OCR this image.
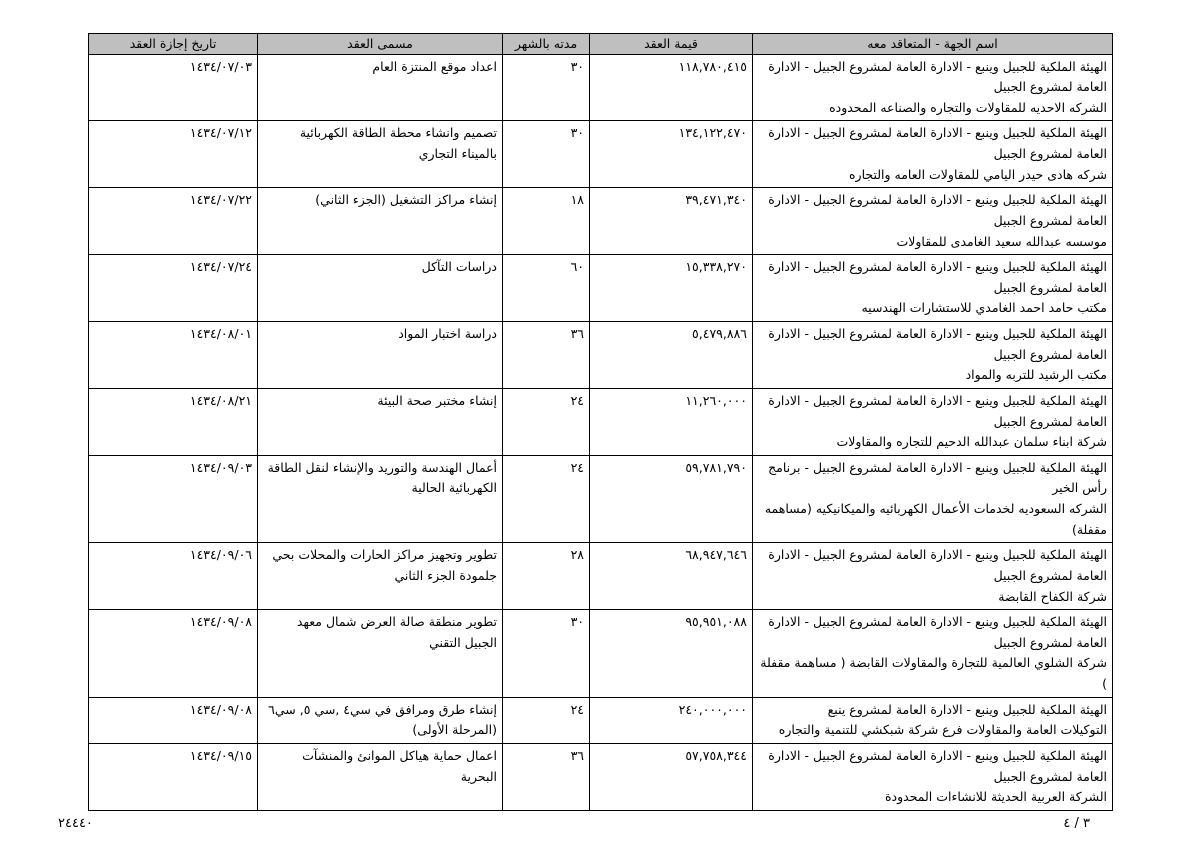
اسم الجهة - المتعاقد معه	قيمة العقد	مدته بالشهر	مسمى العقد	تاريخ إجازة العقد

الهيئة الملكية للجبيل وينبع - الادارة العامة لمشروع الجبيل - الادارة العامة لمشروع الجبيل
الشركه الاحديه للمقاولات والتجاره والصناعه المحدوده	١١٨,٧٨٠,٤١٥	٣٠	اعداد موقع المنتزة العام	١٤٣٤/٠٧/٠٣

الهيئة الملكية للجبيل وينبع - الادارة العامة لمشروع الجبيل - الادارة العامة لمشروع الجبيل
شركه هادى حيدر اليامي للمقاولات العامه والتجاره	١٣٤,١٢٢,٤٧٠	٣٠	تصميم وانشاء محطة الطاقة الكهربائية بالميناء التجاري	١٤٣٤/٠٧/١٢

الهيئة الملكية للجبيل وينبع - الادارة العامة لمشروع الجبيل - الادارة العامة لمشروع الجبيل
موسسه عبدالله سعيد الغامدى للمقاولات	٣٩,٤٧١,٣٤٠	١٨	إنشاء مراكز التشغيل (الجزء الثاني)	١٤٣٤/٠٧/٢٢

الهيئة الملكية للجبيل وينبع - الادارة العامة لمشروع الجبيل - الادارة العامة لمشروع الجبيل
مكتب حامد احمد الغامدي للاستشارات الهندسيه	١٥,٣٣٨,٢٧٠	٦٠	دراسات التآكل	١٤٣٤/٠٧/٢٤

الهيئة الملكية للجبيل وينبع - الادارة العامة لمشروع الجبيل - الادارة العامة لمشروع الجبيل
مكتب الرشيد للتربه والمواد	٥,٤٧٩,٨٨٦	٣٦	دراسة اختبار المواد	١٤٣٤/٠٨/٠١

الهيئة الملكية للجبيل وينبع - الادارة العامة لمشروع الجبيل - الادارة العامة لمشروع الجبيل
شركة ابناء سلمان عبدالله الدحيم للتجاره والمقاولات	١١,٢٦٠,٠٠٠	٢٤	إنشاء مختبر صحة البيئة	١٤٣٤/٠٨/٢١

الهيئة الملكية للجبيل وينبع - الادارة العامة لمشروع الجبيل - برنامج رأس الخير
الشركه السعوديه لخدمات الأعمال الكهربائيه والميكانيكيه (مساهمه مقفلة)	٥٩,٧٨١,٧٩٠	٢٤	أعمال الهندسة والتوريد والإنشاء لنقل الطاقة الكهربائية الحالية	١٤٣٤/٠٩/٠٣

الهيئة الملكية للجبيل وينبع - الادارة العامة لمشروع الجبيل - الادارة العامة لمشروع الجبيل
شركة الكفاح القابضة	٦٨,٩٤٧,٦٤٦	٢٨	تطوير وتجهيز مراكز الحارات والمحلات بحي جلمودة الجزء الثاني	١٤٣٤/٠٩/٠٦

الهيئة الملكية للجبيل وينبع - الادارة العامة لمشروع الجبيل - الادارة العامة لمشروع الجبيل
شركة الشلوي العالمية للتجارة والمقاولات القابضة ( مساهمة مقفلة )	٩٥,٩٥١,٠٨٨	٣٠	تطوير منطقة صالة العرض شمال معهد الجبيل التقني	١٤٣٤/٠٩/٠٨

الهيئة الملكية للجبيل وينبع - الادارة العامة لمشروع ينبع
التوكيلات العامة والمقاولات فرع شركة شبكشي للتنمية والتجاره	٢٤٠,٠٠٠,٠٠٠	٢٤	إنشاء طرق ومرافق في سي٤ ,سي ٥, سي٦ (المرحلة الأولى)	١٤٣٤/٠٩/٠٨

الهيئة الملكية للجبيل وينبع - الادارة العامة لمشروع الجبيل - الادارة العامة لمشروع الجبيل
الشركة العربية الحديثة للانشاءات المحدودة	٥٧,٧٥٨,٣٤٤	٣٦	اعمال حماية هياكل الموانئ والمنشآت البحرية	١٤٣٤/٠٩/١٥
٣ / ٤
٢٤٤٤٠
